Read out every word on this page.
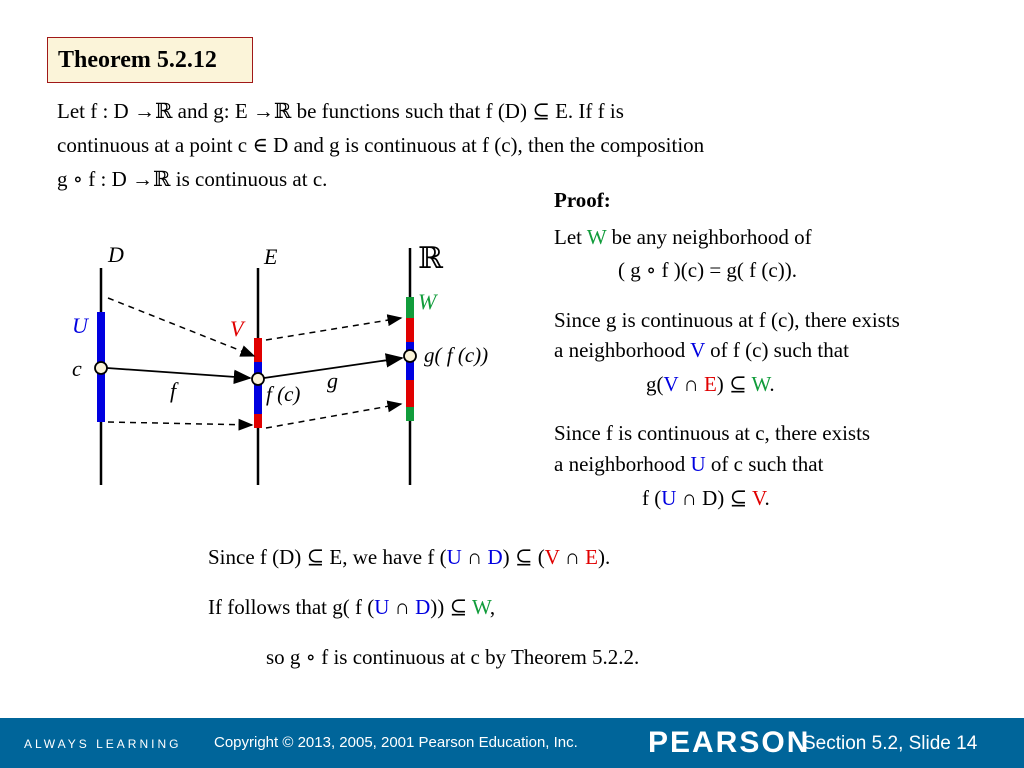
Theorem 5.2.12
Let f : D →ℝ and g: E →ℝ be functions such that f (D) ⊆ E. If f is
continuous at a point c ∈ D and g is continuous at f (c), then the composition
g ∘ f : D →ℝ is continuous at c.
Proof:
Let W be any neighborhood of
( g ∘ f )(c) = g( f (c)).
Since g is continuous at f (c), there exists
a neighborhood V of f (c) such that
g(V ∩ E) ⊆ W.
Since f is continuous at c, there exists
a neighborhood U of c such that
f (U ∩ D) ⊆ V.
Since f (D) ⊆ E, we have f (U ∩ D) ⊆ (V ∩ E).
If follows that g( f (U ∩ D)) ⊆ W,
so g ∘ f is continuous at c by Theorem 5.2.2.
D	E	ℝ
U	V
W
c
f	f (c)
g
g( f (c))
ALWAYS LEARNING Copyright © 2013, 2005, 2001 Pearson Education, Inc. PEARSON
Section 5.2, Slide 14
